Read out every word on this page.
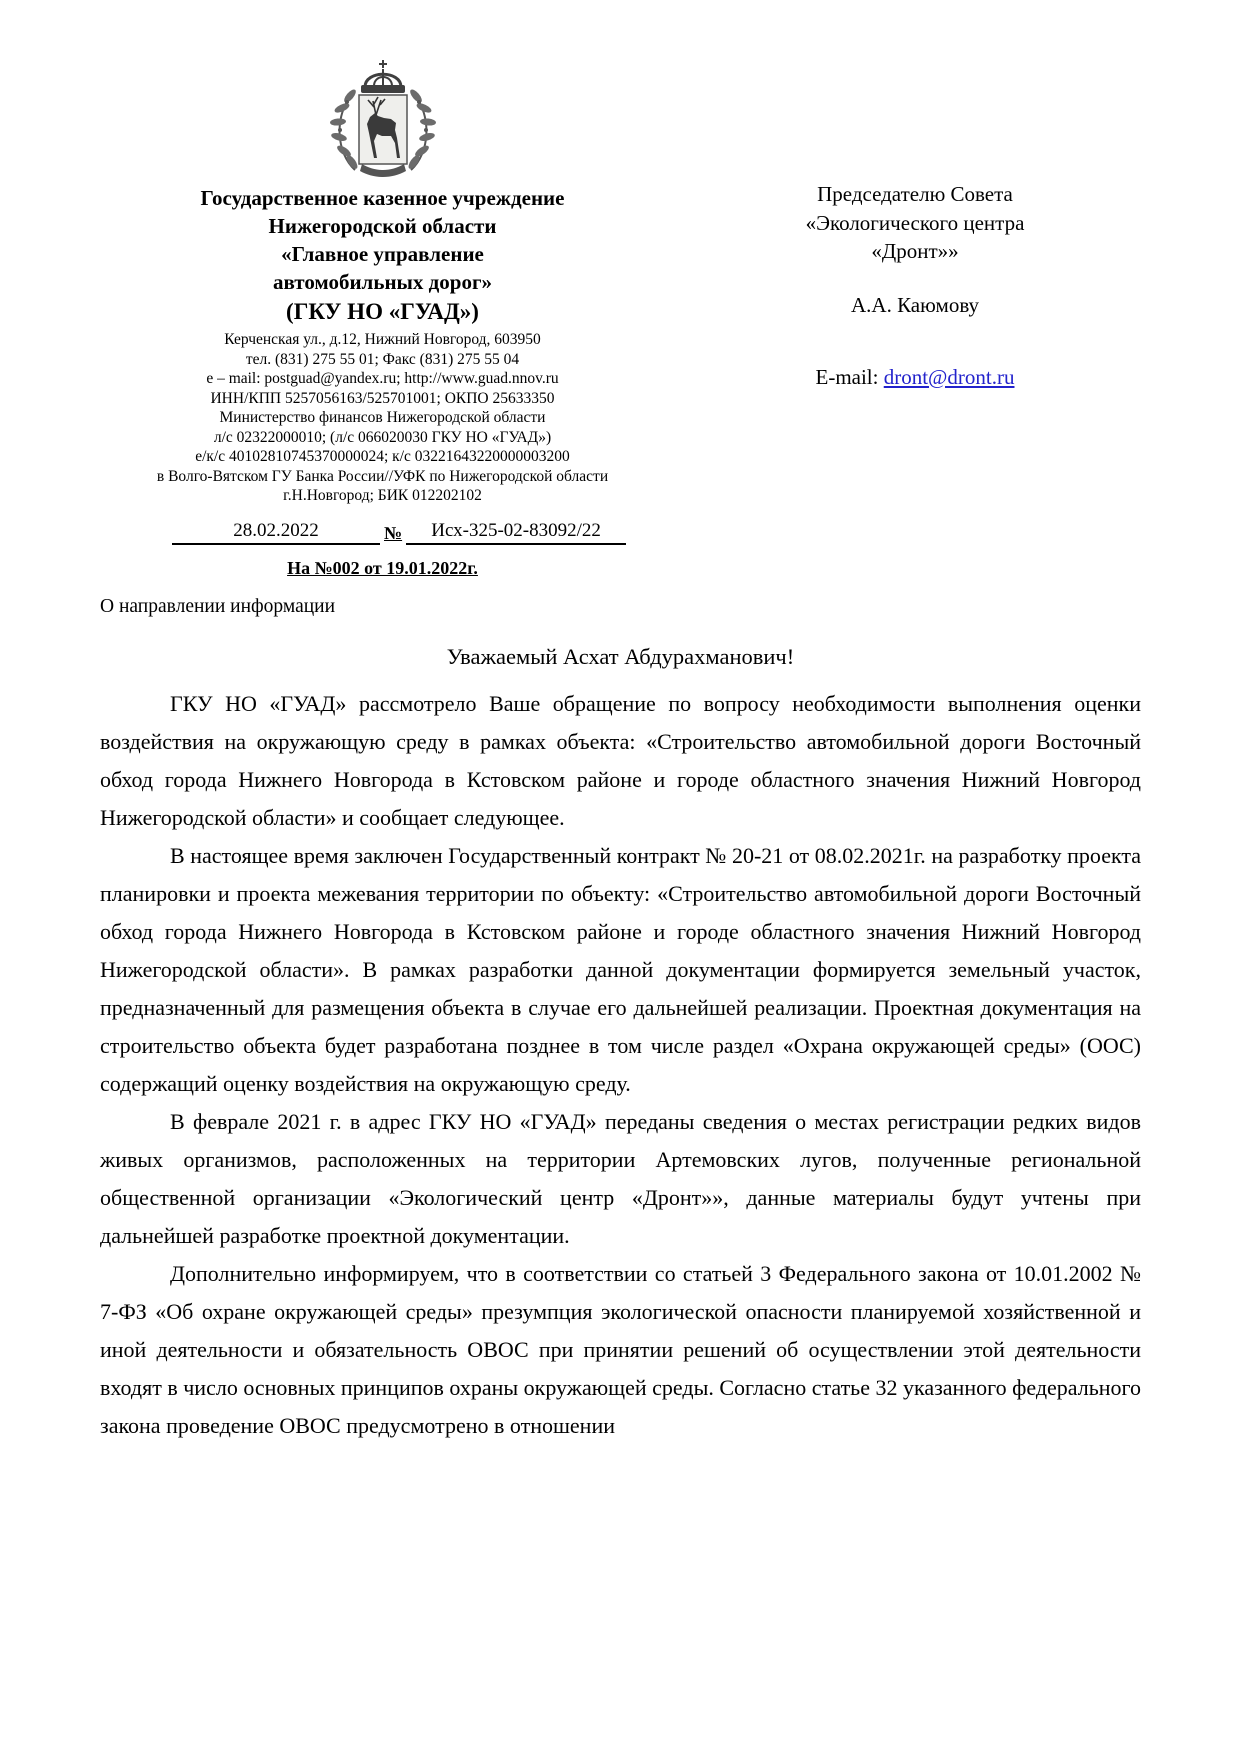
Государственное казенное учреждение
Нижегородской области
«Главное управление
автомобильных дорог»
(ГКУ НО «ГУАД»)
Керченская ул., д.12, Нижний Новгород, 603950
тел. (831) 275 55 01; Факс (831) 275 55 04
е – mail: postguad@yandex.ru; http://www.guad.nnov.ru
ИНН/КПП 5257056163/525701001; ОКПО 25633350
Министерство финансов Нижегородской области
л/с 02322000010; (л/с 066020030 ГКУ НО «ГУАД»)
е/к/с 40102810745370000024; к/с 03221643220000003200
в Волго-Вятском ГУ Банка России//УФК по Нижегородской области
г.Н.Новгород; БИК 012202102
28.02.2022	№	Исх-325-02-83092/22
На №002 от 19.01.2022г.
Председателю Совета
«Экологического центра
«Дронт»»
А.А. Каюмову
E-mail: dront@dront.ru
О направлении информации
Уважаемый Асхат Абдурахманович!

ГКУ НО «ГУАД» рассмотрело Ваше обращение по вопросу необходимости выполнения оценки воздействия на окружающую среду в рамках объекта: «Строительство автомобильной дороги Восточный обход города Нижнего Новгорода в Кстовском районе и городе областного значения Нижний Новгород Нижегородской области» и сообщает следующее.

В настоящее время заключен Государственный контракт № 20-21 от 08.02.2021г. на разработку проекта планировки и проекта межевания территории по объекту: «Строительство автомобильной дороги Восточный обход города Нижнего Новгорода в Кстовском районе и городе областного значения Нижний Новгород Нижегородской области». В рамках разработки данной документации формируется земельный участок, предназначенный для размещения объекта в случае его дальнейшей реализации. Проектная документация на строительство объекта будет разработана позднее в том числе раздел «Охрана окружающей среды» (ООС) содержащий оценку воздействия на окружающую среду.

В феврале 2021 г. в адрес ГКУ НО «ГУАД» переданы сведения о местах регистрации редких видов живых организмов, расположенных на территории Артемовских лугов, полученные региональной общественной организации «Экологический центр «Дронт»», данные материалы будут учтены при дальнейшей разработке проектной документации.

Дополнительно информируем, что в соответствии со статьей 3 Федерального закона от 10.01.2002 № 7-ФЗ «Об охране окружающей среды» презумпция экологической опасности планируемой хозяйственной и иной деятельности и обязательность ОВОС при принятии решений об осуществлении этой деятельности входят в число основных принципов охраны окружающей среды. Согласно статье 32 указанного федерального закона проведение ОВОС предусмотрено в отношении
